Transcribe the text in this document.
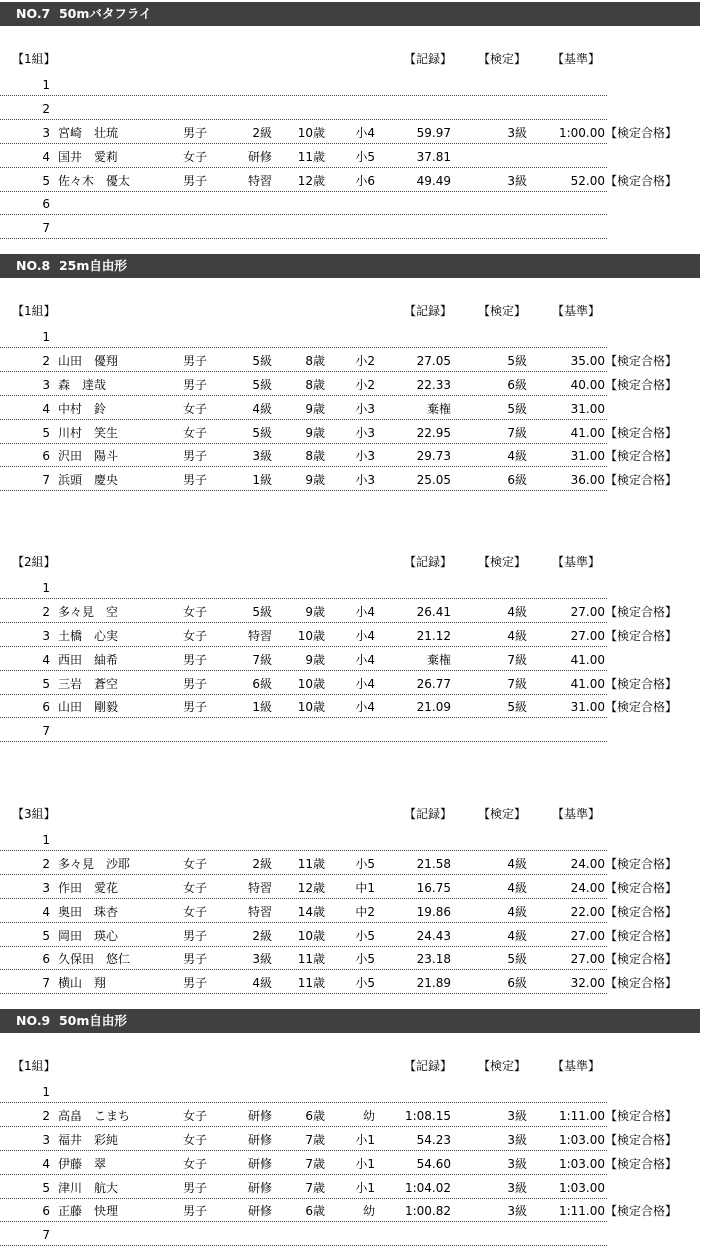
NO.7  50mバタフライ
【1組】	【記録】 【検定】 【基準】
1
2
3 宮崎　壮琉	男子	2級	10歳	小4	59.97	3級	1:00.00 【検定合格】
4 国井　愛莉	女子	研修	11歳	小5	37.81
5 佐々木　優太	男子	特習	12歳	小6	49.49	3級	52.00 【検定合格】
6
7
NO.8  25m自由形
【1組】	【記録】 【検定】 【基準】
1
2 山田　優翔	男子	5級	8歳	小2	27.05	5級	35.00 【検定合格】
3 森　達哉	男子	5級	8歳	小2	22.33	6級	40.00 【検定合格】
4 中村　鈴	女子	4級	9歳	小3	棄権	5級	31.00
5 川村　笑生	女子	5級	9歳	小3	22.95	7級	41.00 【検定合格】
6 沢田　陽斗	男子	3級	8歳	小3	29.73	4級	31.00 【検定合格】
7 浜頭　慶央	男子	1級	9歳	小3	25.05	6級	36.00 【検定合格】
【2組】	【記録】 【検定】 【基準】
1
2 多々見　空	女子	5級	9歳	小4	26.41	4級	27.00 【検定合格】
3 土橋　心実	女子	特習	10歳	小4	21.12	4級	27.00 【検定合格】
4 西田　紬希	男子	7級	9歳	小4	棄権	7級	41.00
5 三岩　蒼空	男子	6級	10歳	小4	26.77	7級	41.00 【検定合格】
6 山田　剛毅	男子	1級	10歳	小4	21.09	5級	31.00 【検定合格】
7
【3組】	【記録】 【検定】 【基準】
1
2 多々見　沙耶	女子	2級	11歳	小5	21.58	4級	24.00 【検定合格】
3 作田　愛花	女子	特習	12歳	中1	16.75	4級	24.00 【検定合格】
4 奥田　珠杏	女子	特習	14歳	中2	19.86	4級	22.00 【検定合格】
5 岡田　瑛心	男子	2級	10歳	小5	24.43	4級	27.00 【検定合格】
6 久保田　悠仁	男子	3級	11歳	小5	23.18	5級	27.00 【検定合格】
7 横山　翔	男子	4級	11歳	小5	21.89	6級	32.00 【検定合格】
NO.9  50m自由形
【1組】	【記録】 【検定】 【基準】
1
2 高畠　こまち	女子	研修	6歳	幼	1:08.15	3級	1:11.00 【検定合格】
3 福井　彩純	女子	研修	7歳	小1	54.23	3級	1:03.00 【検定合格】
4 伊藤　翠	女子	研修	7歳	小1	54.60	3級	1:03.00 【検定合格】
5 津川　航大	男子	研修	7歳	小1	1:04.02	3級	1:03.00
6 正藤　快理	男子	研修	6歳	幼	1:00.82	3級	1:11.00 【検定合格】
7
